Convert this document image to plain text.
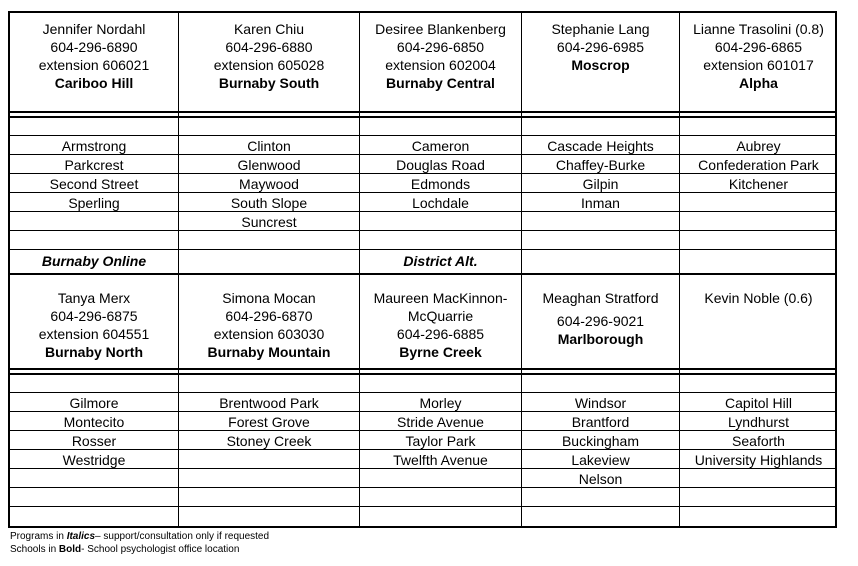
Jennifer Nordahl
604-296-6890
extension 606021
Cariboo Hill
Karen Chiu
604-296-6880
extension 605028
Burnaby South
Desiree Blankenberg
604-296-6850
extension 602004
Burnaby Central
Stephanie Lang
604-296-6985
Moscrop
Lianne Trasolini (0.8)
604-296-6865
extension 601017
Alpha
Armstrong
Parkcrest
Second Street
Sperling
Clinton
Glenwood
Maywood
South Slope
Suncrest
Cameron
Douglas Road
Edmonds
Lochdale
Cascade Heights
Chaffey-Burke
Gilpin
Inman
Aubrey
Confederation Park
Kitchener
Burnaby Online	District Alt.
Tanya Merx
604-296-6875
extension 604551
Burnaby North
Simona Mocan
604-296-6870
extension 603030
Burnaby Mountain
Maureen MacKinnon-
McQuarrie
604-296-6885
Byrne Creek
Meaghan Stratford
604-296-9021
Marlborough
Kevin Noble (0.6)
Gilmore
Montecito
Rosser
Westridge
Brentwood Park
Forest Grove
Stoney Creek
Morley
Stride Avenue
Taylor Park
Twelfth Avenue
Windsor
Brantford
Buckingham
Lakeview
Nelson
Capitol Hill
Lyndhurst
Seaforth
University Highlands
Programs in Italics– support/consultation only if requested
Schools in Bold- School psychologist office location
